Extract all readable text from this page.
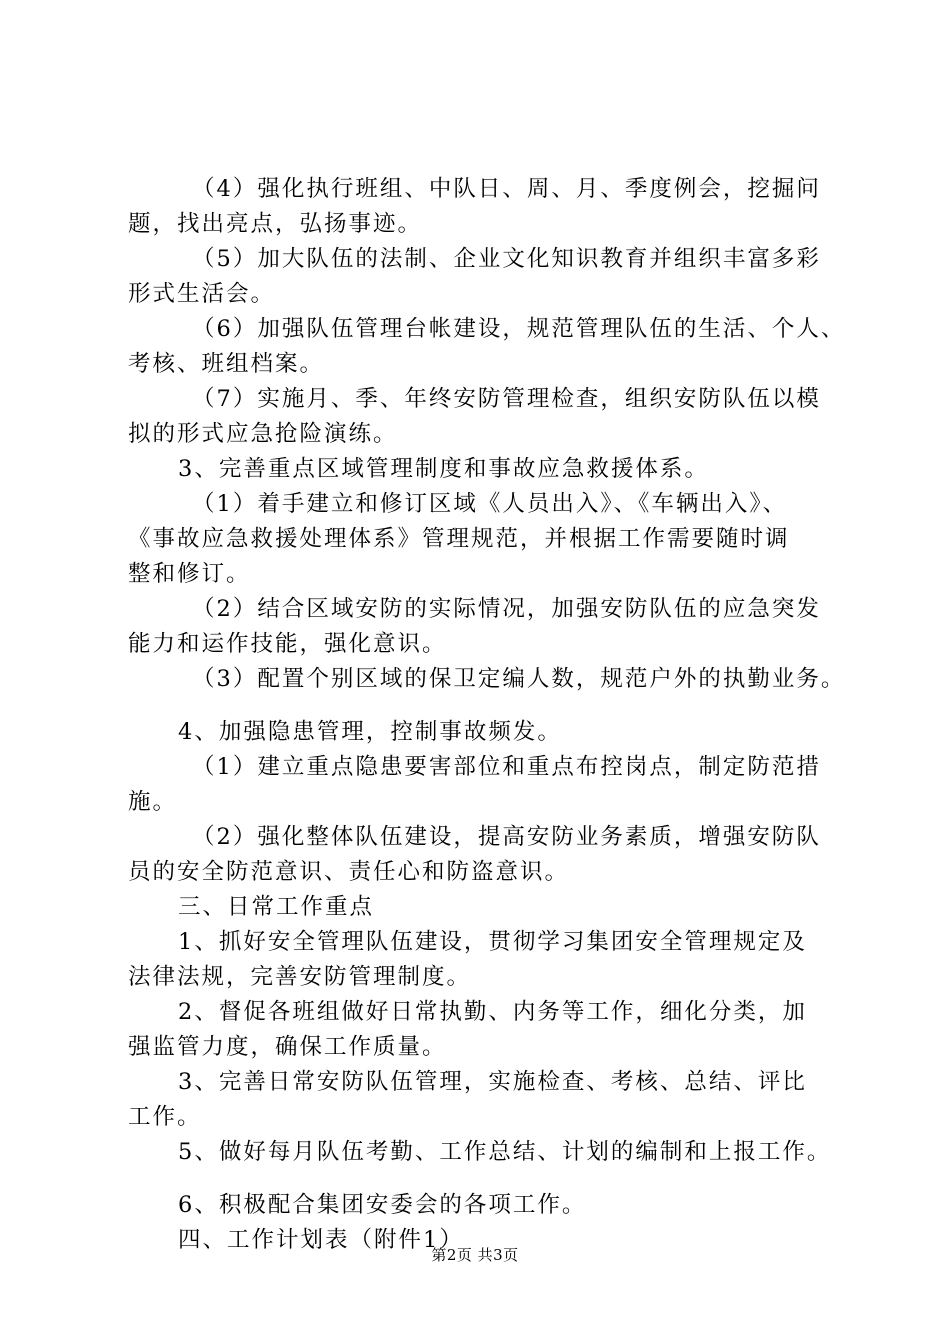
（4）强化执行班组、中队日、周、月、季度例会，挖掘问
题，找出亮点，弘扬事迹。
（5）加大队伍的法制、企业文化知识教育并组织丰富多彩
形式生活会。
（6）加强队伍管理台帐建设，规范管理队伍的生活、个人、
考核、班组档案。
（7）实施月、季、年终安防管理检查，组织安防队伍以模
拟的形式应急抢险演练。
3、完善重点区域管理制度和事故应急救援体系。
（1）着手建立和修订区域《人员出入》、《车辆出入》、
《事故应急救援处理体系》管理规范，并根据工作需要随时调
整和修订。
（2）结合区域安防的实际情况，加强安防队伍的应急突发
能力和运作技能，强化意识。
（3）配置个别区域的保卫定编人数，规范户外的执勤业务。
4、加强隐患管理，控制事故频发。
（1）建立重点隐患要害部位和重点布控岗点，制定防范措
施。
（2）强化整体队伍建设，提高安防业务素质，增强安防队
员的安全防范意识、责任心和防盗意识。
三、日常工作重点
1、抓好安全管理队伍建设，贯彻学习集团安全管理规定及
法律法规，完善安防管理制度。
2、督促各班组做好日常执勤、内务等工作，细化分类，加
强监管力度，确保工作质量。
3、完善日常安防队伍管理，实施检查、考核、总结、评比
工作。
5、做好每月队伍考勤、工作总结、计划的编制和上报工作。
6、积极配合集团安委会的各项工作。
四、工作计划表（附件1）

第2页 共3页
